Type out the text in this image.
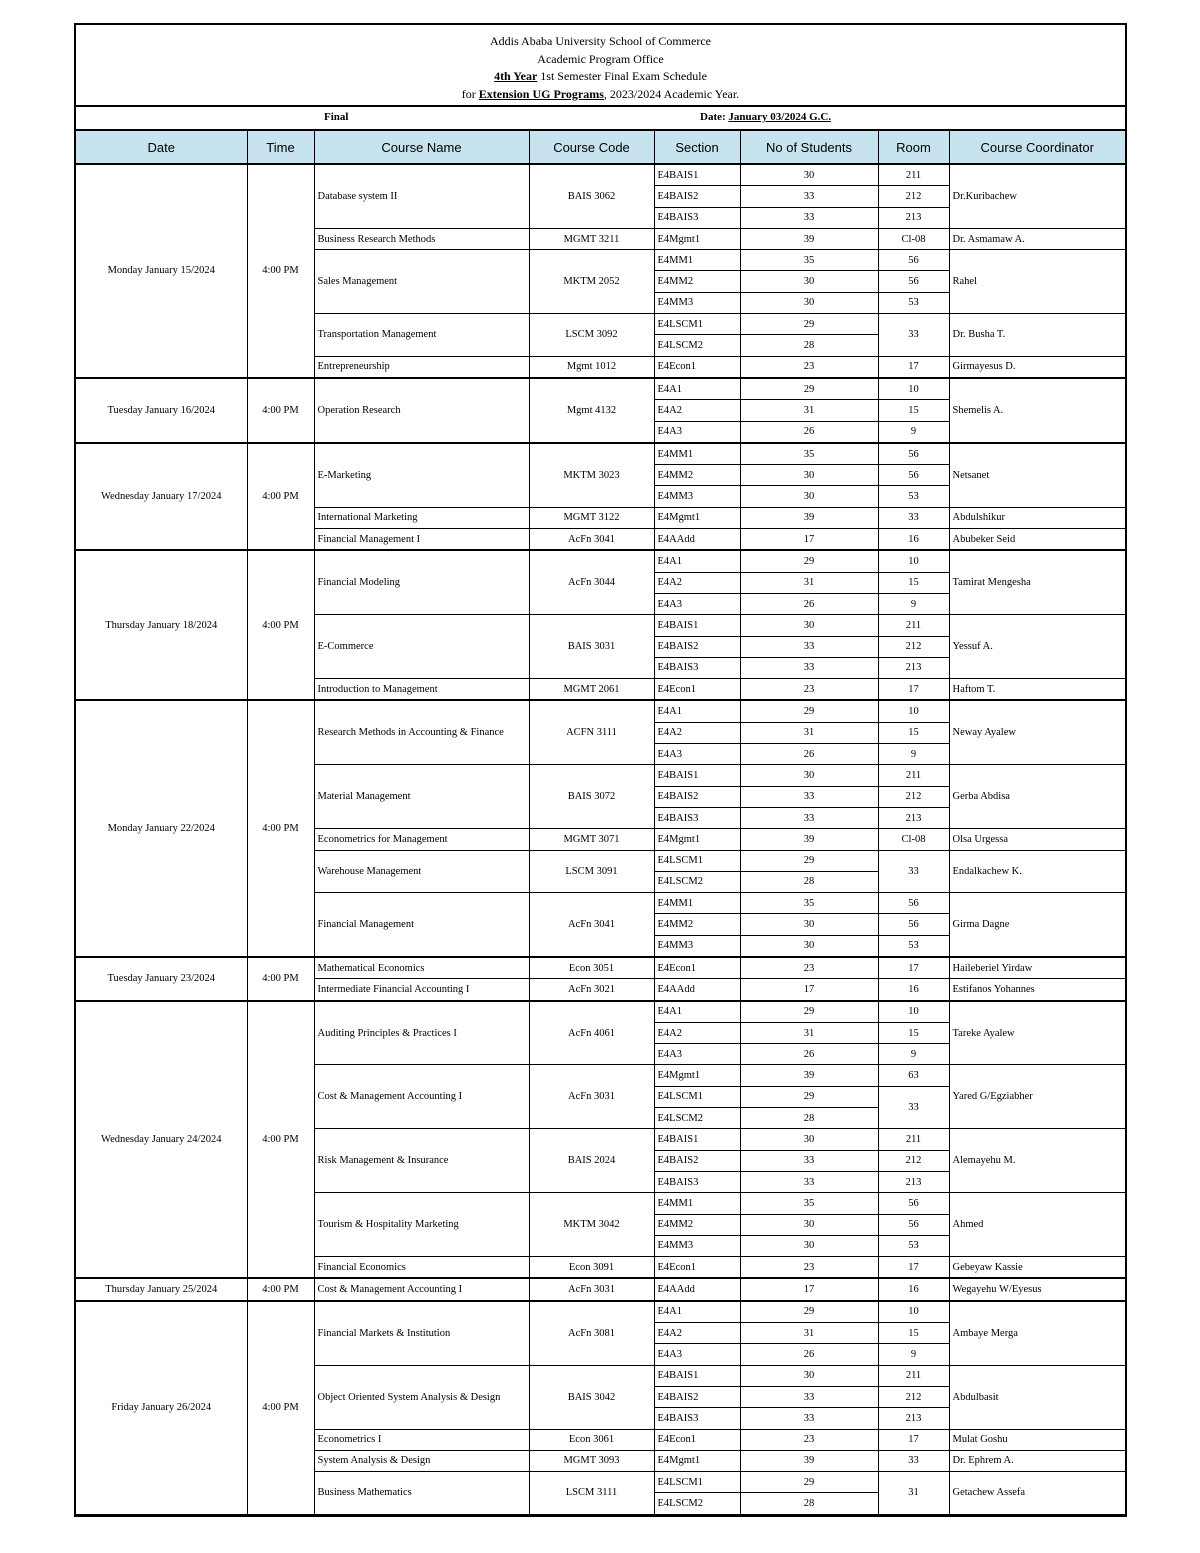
Addis Ababa University School of Commerce
Academic Program Office
4th Year 1st Semester Final Exam Schedule
for Extension UG Programs, 2023/2024 Academic Year.
Final	Date: January 03/2024 G.C.
Date	Time	Course Name	Course Code	Section	No of Students	Room	Course Coordinator
Monday January 15/2024	4:00 PM	Database system II	BAIS 3062	E4BAIS1	30	211	Dr.Kuribachew
				E4BAIS2	33	212	
				E4BAIS3	33	213	
		Business Research Methods	MGMT 3211	E4Mgmt1	39	Cl-08	Dr. Asmamaw A.
		Sales Management	MKTM 2052	E4MM1	35	56	Rahel
				E4MM2	30	56	
				E4MM3	30	53	
		Transportation Management	LSCM 3092	E4LSCM1	29	33	Dr. Busha T.
				E4LSCM2	28		
		Entrepreneurship	Mgmt 1012	E4Econ1	23	17	Girmayesus D.
Tuesday January 16/2024	4:00 PM	Operation Research	Mgmt 4132	E4A1	29	10	Shemelis A.
				E4A2	31	15	
				E4A3	26	9	
Wednesday January 17/2024	4:00 PM	E-Marketing	MKTM 3023	E4MM1	35	56	Netsanet
				E4MM2	30	56	
				E4MM3	30	53	
		International Marketing	MGMT 3122	E4Mgmt1	39	33	Abdulshikur
		Financial Management I	AcFn 3041	E4AAdd	17	16	Abubeker Seid
Thursday January 18/2024	4:00 PM	Financial Modeling	AcFn 3044	E4A1	29	10	Tamirat Mengesha
				E4A2	31	15	
				E4A3	26	9	
		E-Commerce	BAIS 3031	E4BAIS1	30	211	Yessuf A.
				E4BAIS2	33	212	
				E4BAIS3	33	213	
		Introduction to Management	MGMT 2061	E4Econ1	23	17	Haftom T.
Monday January 22/2024	4:00 PM	Research Methods in Accounting & Finance	ACFN 3111	E4A1	29	10	Neway Ayalew
				E4A2	31	15	
				E4A3	26	9	
		Material Management	BAIS 3072	E4BAIS1	30	211	Gerba Abdisa
				E4BAIS2	33	212	
				E4BAIS3	33	213	
		Econometrics for Management	MGMT 3071	E4Mgmt1	39	Cl-08	Olsa Urgessa
		Warehouse Management	LSCM 3091	E4LSCM1	29	33	Endalkachew K.
				E4LSCM2	28		
		Financial Management	AcFn 3041	E4MM1	35	56	Girma Dagne
				E4MM2	30	56	
				E4MM3	30	53	
Tuesday January 23/2024	4:00 PM	Mathematical Economics	Econ 3051	E4Econ1	23	17	Haileberiel Yirdaw
		Intermediate Financial Accounting I	AcFn 3021	E4AAdd	17	16	Estifanos Yohannes
Wednesday January 24/2024	4:00 PM	Auditing Principles & Practices I	AcFn 4061	E4A1	29	10	Tareke Ayalew
				E4A2	31	15	
				E4A3	26	9	
		Cost & Management Accounting I	AcFn 3031	E4Mgmt1	39	63	Yared G/Egziabher
				E4LSCM1	29	33	
				E4LSCM2	28		
		Risk Management & Insurance	BAIS 2024	E4BAIS1	30	211	Alemayehu M.
				E4BAIS2	33	212	
				E4BAIS3	33	213	
		Tourism & Hospitality Marketing	MKTM 3042	E4MM1	35	56	Ahmed
				E4MM2	30	56	
				E4MM3	30	53	
		Financial Economics	Econ 3091	E4Econ1	23	17	Gebeyaw Kassie
Thursday January 25/2024	4:00 PM	Cost & Management Accounting I	AcFn 3031	E4AAdd	17	16	Wegayehu W/Eyesus
Friday January 26/2024	4:00 PM	Financial Markets & Institution	AcFn 3081	E4A1	29	10	Ambaye Merga
				E4A2	31	15	
				E4A3	26	9	
		Object Oriented System Analysis & Design	BAIS 3042	E4BAIS1	30	211	Abdulbasit
				E4BAIS2	33	212	
				E4BAIS3	33	213	
		Econometrics I	Econ 3061	E4Econ1	23	17	Mulat Goshu
		System Analysis & Design	MGMT 3093	E4Mgmt1	39	33	Dr. Ephrem A.
		Business Mathematics	LSCM 3111	E4LSCM1	29	31	Getachew Assefa
				E4LSCM2	28		
